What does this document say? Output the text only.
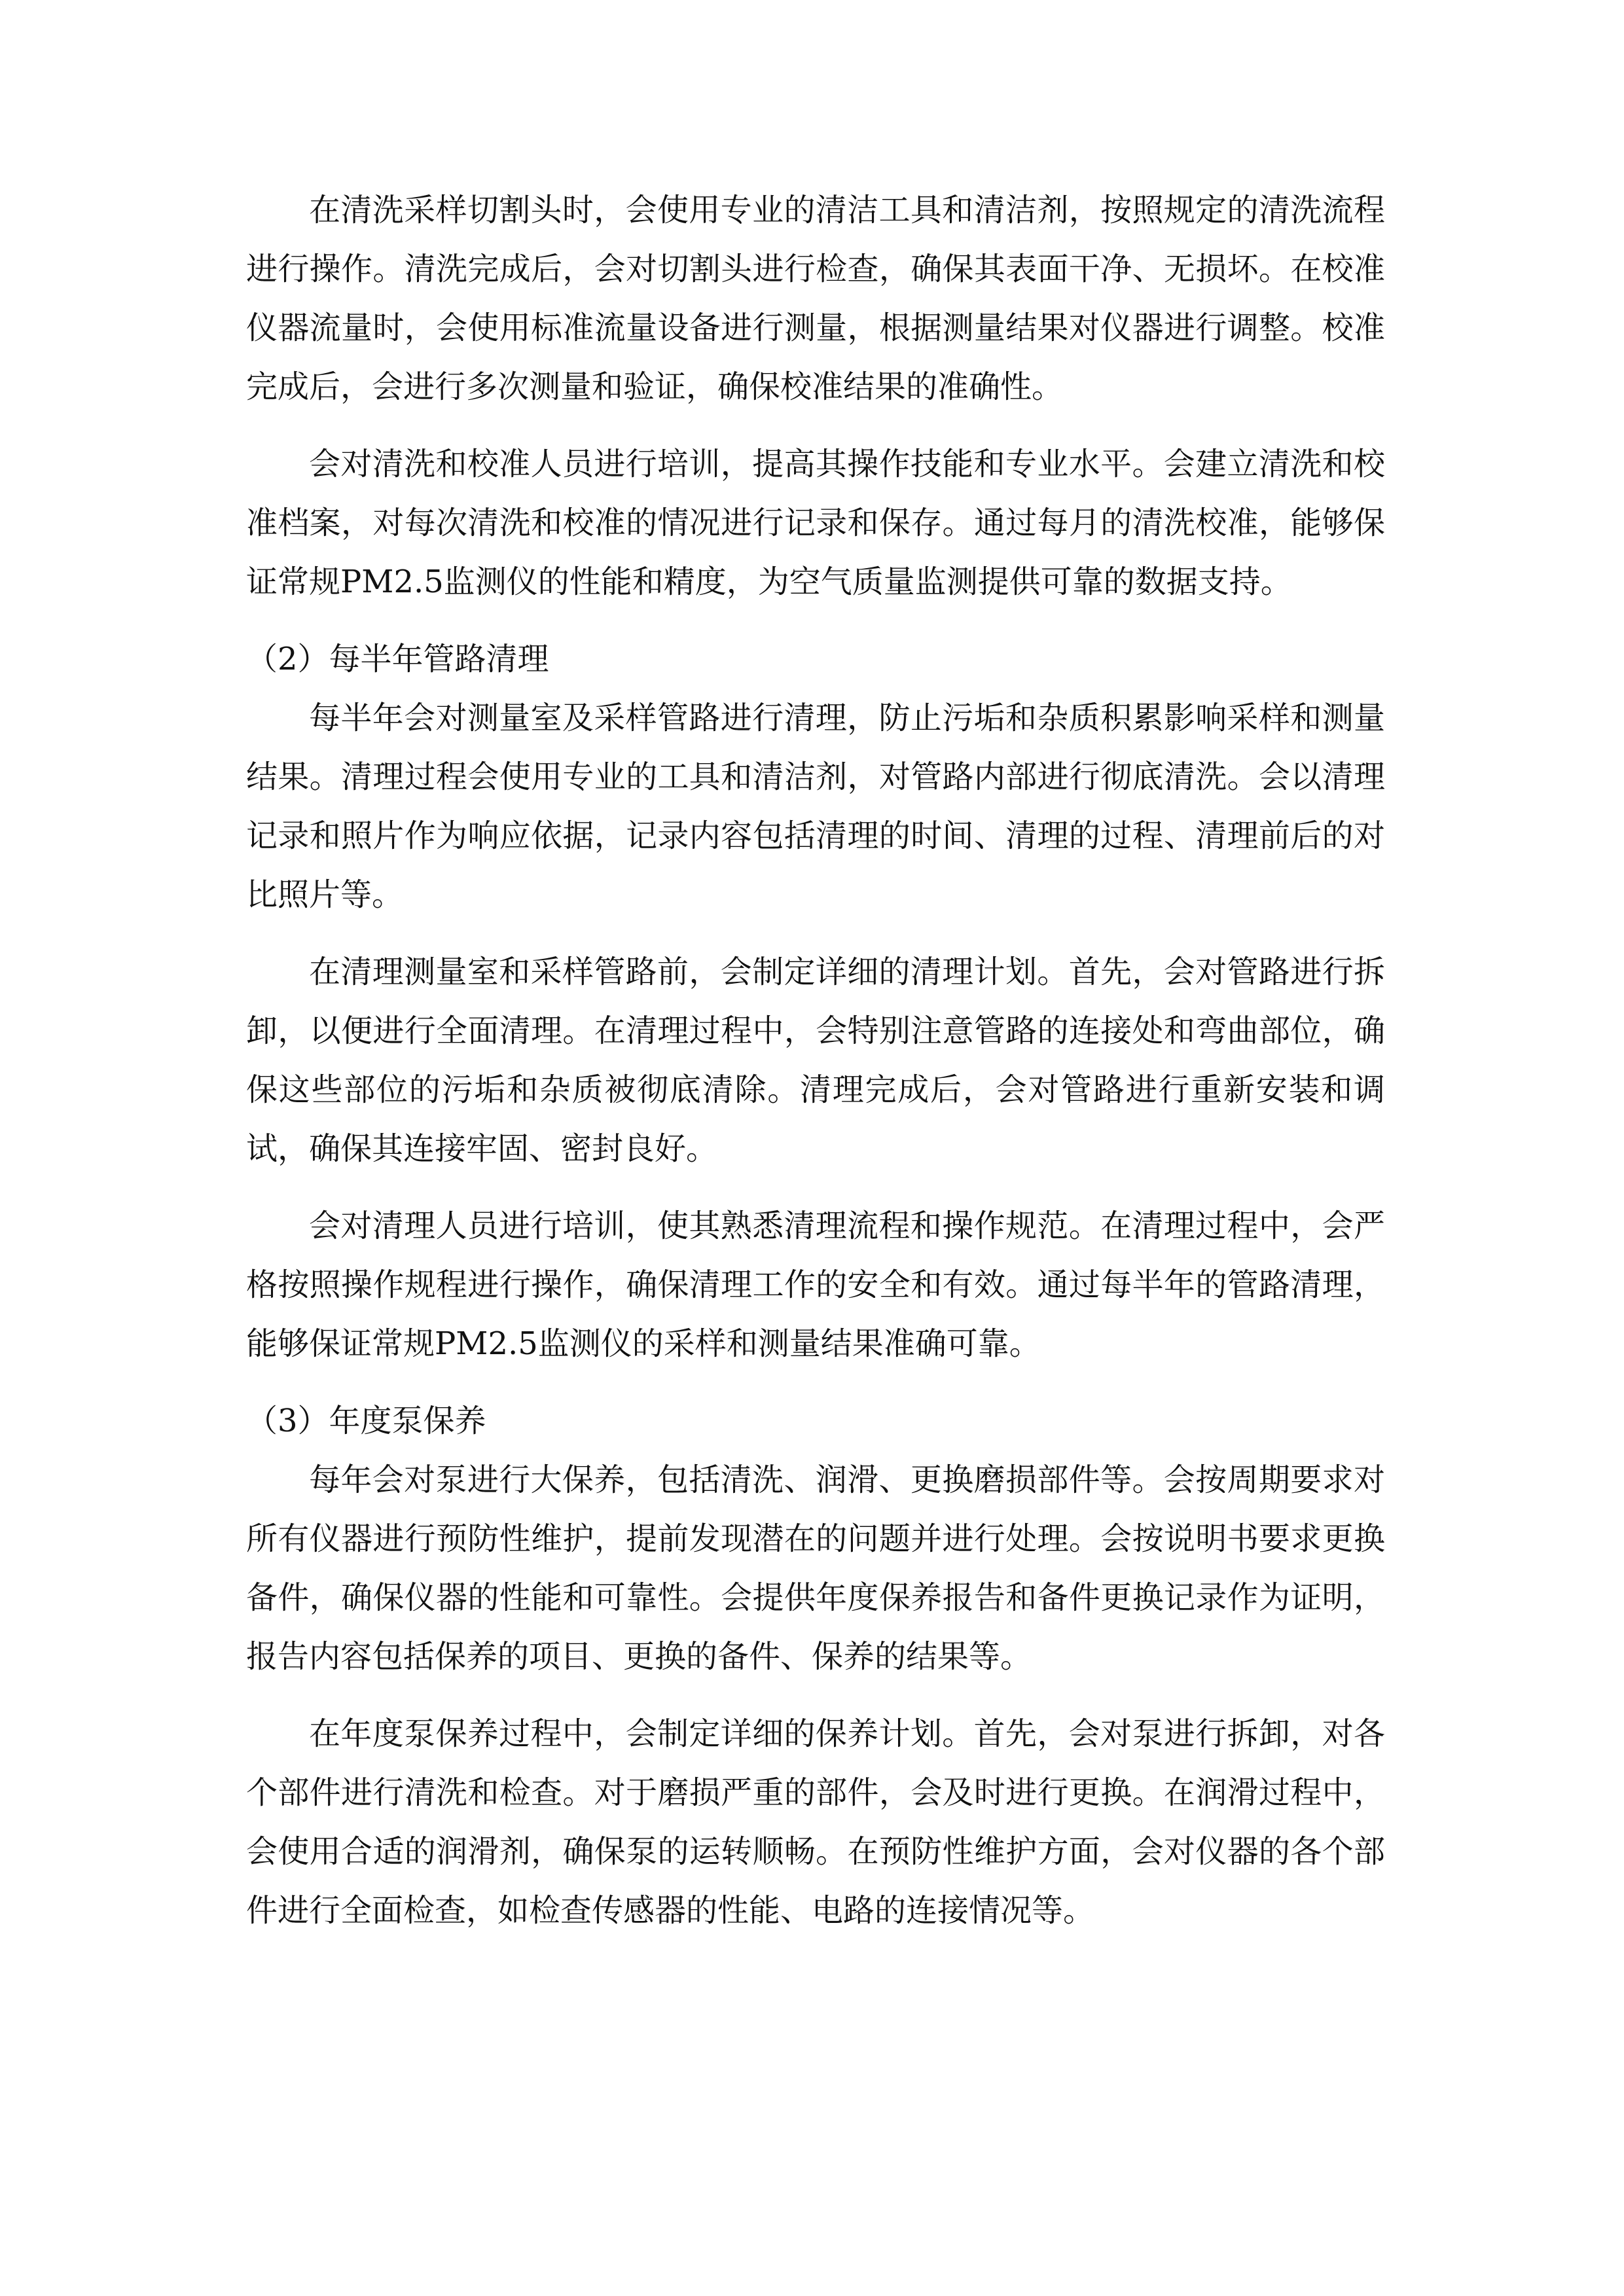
在清洗采样切割头时，会使用专业的清洁工具和清洁剂，按照规定的清洗流程进行操作。清洗完成后，会对切割头进行检查，确保其表面干净、无损坏。在校准仪器流量时，会使用标准流量设备进行测量，根据测量结果对仪器进行调整。校准完成后，会进行多次测量和验证，确保校准结果的准确性。

会对清洗和校准人员进行培训，提高其操作技能和专业水平。会建立清洗和校准档案，对每次清洗和校准的情况进行记录和保存。通过每月的清洗校准，能够保证常规PM2.5监测仪的性能和精度，为空气质量监测提供可靠的数据支持。

（2）每半年管路清理

每半年会对测量室及采样管路进行清理，防止污垢和杂质积累影响采样和测量结果。清理过程会使用专业的工具和清洁剂，对管路内部进行彻底清洗。会以清理记录和照片作为响应依据，记录内容包括清理的时间、清理的过程、清理前后的对比照片等。

在清理测量室和采样管路前，会制定详细的清理计划。首先，会对管路进行拆卸，以便进行全面清理。在清理过程中，会特别注意管路的连接处和弯曲部位，确保这些部位的污垢和杂质被彻底清除。清理完成后，会对管路进行重新安装和调试，确保其连接牢固、密封良好。

会对清理人员进行培训，使其熟悉清理流程和操作规范。在清理过程中，会严格按照操作规程进行操作，确保清理工作的安全和有效。通过每半年的管路清理，能够保证常规PM2.5监测仪的采样和测量结果准确可靠。

（3）年度泵保养

每年会对泵进行大保养，包括清洗、润滑、更换磨损部件等。会按周期要求对所有仪器进行预防性维护，提前发现潜在的问题并进行处理。会按说明书要求更换备件，确保仪器的性能和可靠性。会提供年度保养报告和备件更换记录作为证明，报告内容包括保养的项目、更换的备件、保养的结果等。

在年度泵保养过程中，会制定详细的保养计划。首先，会对泵进行拆卸，对各个部件进行清洗和检查。对于磨损严重的部件，会及时进行更换。在润滑过程中，会使用合适的润滑剂，确保泵的运转顺畅。在预防性维护方面，会对仪器的各个部件进行全面检查，如检查传感器的性能、电路的连接情况等。
